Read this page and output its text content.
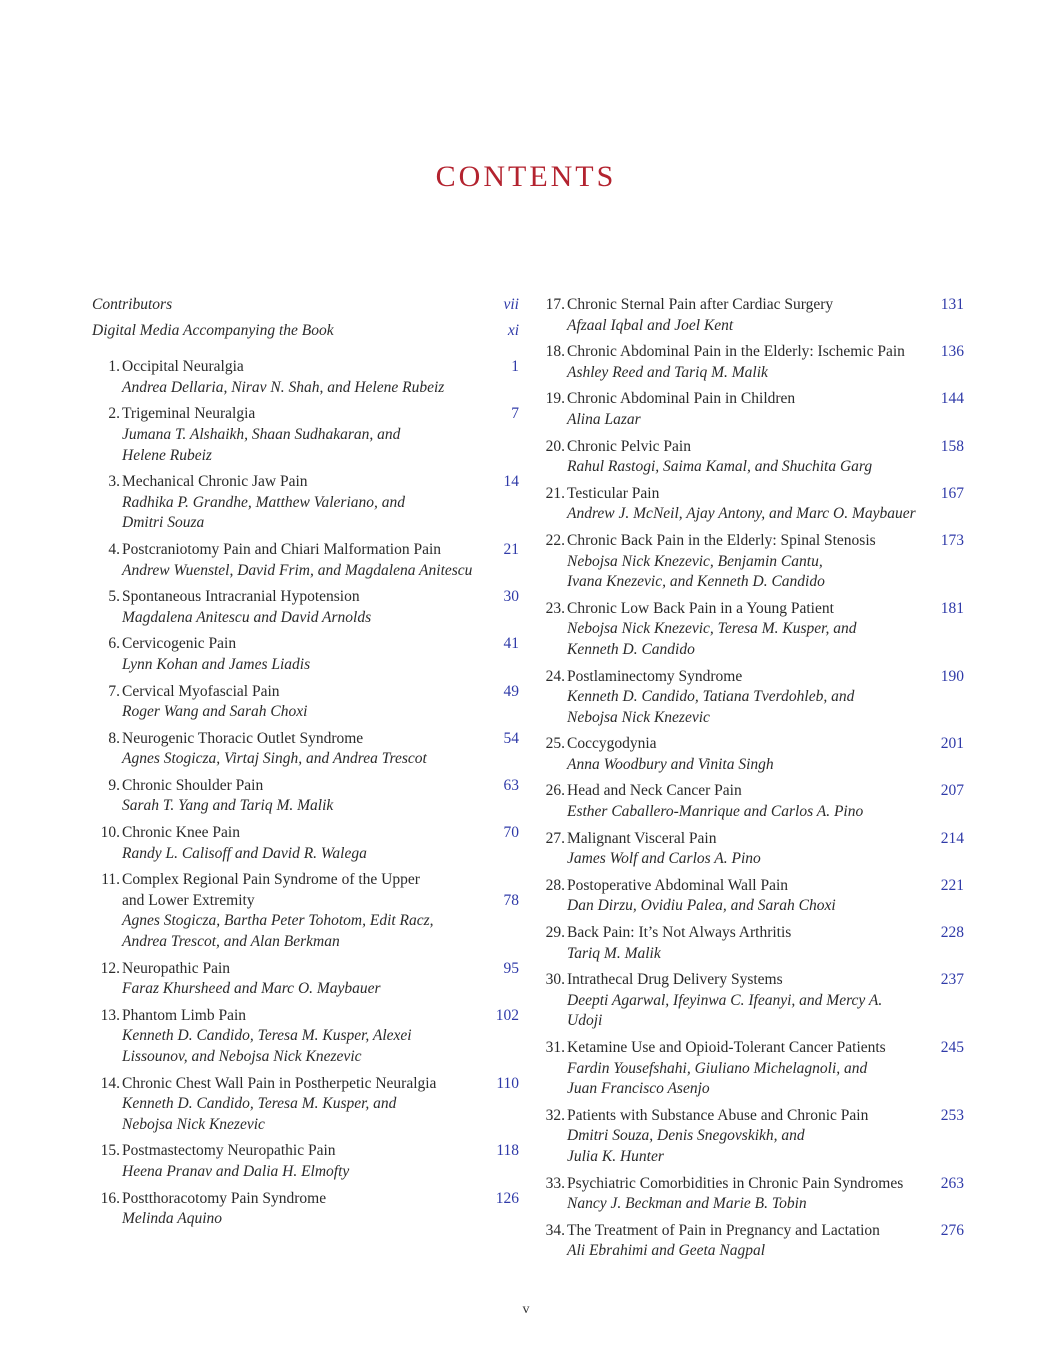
CONTENTS
Contributors	vii
Digital Media Accompanying the Book	xi
1. Occipital Neuralgia
Andrea Dellaria, Nirav N. Shah, and Helene Rubeiz
1
2. Trigeminal Neuralgia
Jumana T. Alshaikh, Shaan Sudhakaran, and
Helene Rubeiz
7
3. Mechanical Chronic Jaw Pain
Radhika P. Grandhe, Matthew Valeriano, and
Dmitri Souza
14
4. Postcraniotomy Pain and Chiari Malformation Pain
Andrew Wuenstel, David Frim, and Magdalena Anitescu
21
5. Spontaneous Intracranial Hypotension
Magdalena Anitescu and David Arnolds
30
6. Cervicogenic Pain
Lynn Kohan and James Liadis
41
7. Cervical Myofascial Pain
Roger Wang and Sarah Choxi
49
8. Neurogenic Thoracic Outlet Syndrome
Agnes Stogicza, Virtaj Singh, and Andrea Trescot
54
9. Chronic Shoulder Pain
Sarah T. Yang and Tariq M. Malik
63
10. Chronic Knee Pain
Randy L. Calisoff and David R. Walega
70
11. Complex Regional Pain Syndrome of the Upper
and Lower Extremity
Agnes Stogicza, Bartha Peter Tohotom, Edit Racz,
Andrea Trescot, and Alan Berkman
78
12. Neuropathic Pain
Faraz Khursheed and Marc O. Maybauer
95
13. Phantom Limb Pain
Kenneth D. Candido, Teresa M. Kusper, Alexei
Lissounov, and Nebojsa Nick Knezevic
102
14. Chronic Chest Wall Pain in Postherpetic Neuralgia
Kenneth D. Candido, Teresa M. Kusper, and
Nebojsa Nick Knezevic
110
15. Postmastectomy Neuropathic Pain
Heena Pranav and Dalia H. Elmofty
118
16. Postthoracotomy Pain Syndrome
Melinda Aquino
126
17. Chronic Sternal Pain after Cardiac Surgery
Afzaal Iqbal and Joel Kent
131
18. Chronic Abdominal Pain in the Elderly: Ischemic Pain
Ashley Reed and Tariq M. Malik
136
19. Chronic Abdominal Pain in Children
Alina Lazar
144
20. Chronic Pelvic Pain
Rahul Rastogi, Saima Kamal, and Shuchita Garg
158
21. Testicular Pain
Andrew J. McNeil, Ajay Antony, and Marc O. Maybauer
167
22. Chronic Back Pain in the Elderly: Spinal Stenosis
Nebojsa Nick Knezevic, Benjamin Cantu,
Ivana Knezevic, and Kenneth D. Candido
173
23. Chronic Low Back Pain in a Young Patient
Nebojsa Nick Knezevic, Teresa M. Kusper, and
Kenneth D. Candido
181
24. Postlaminectomy Syndrome
Kenneth D. Candido, Tatiana Tverdohleb, and
Nebojsa Nick Knezevic
190
25. Coccygodynia
Anna Woodbury and Vinita Singh
201
26. Head and Neck Cancer Pain
Esther Caballero-Manrique and Carlos A. Pino
207
27. Malignant Visceral Pain
James Wolf and Carlos A. Pino
214
28. Postoperative Abdominal Wall Pain
Dan Dirzu, Ovidiu Palea, and Sarah Choxi
221
29. Back Pain: It’s Not Always Arthritis
Tariq M. Malik
228
30. Intrathecal Drug Delivery Systems
Deepti Agarwal, Ifeyinwa C. Ifeanyi, and Mercy A. Udoji
237
31. Ketamine Use and Opioid-Tolerant Cancer Patients
Fardin Yousefshahi, Giuliano Michelagnoli, and
Juan Francisco Asenjo
245
32. Patients with Substance Abuse and Chronic Pain
Dmitri Souza, Denis Snegovskikh, and
Julia K. Hunter
253
33. Psychiatric Comorbidities in Chronic Pain Syndromes
Nancy J. Beckman and Marie B. Tobin
263
34. The Treatment of Pain in Pregnancy and Lactation
Ali Ebrahimi and Geeta Nagpal
276
v
